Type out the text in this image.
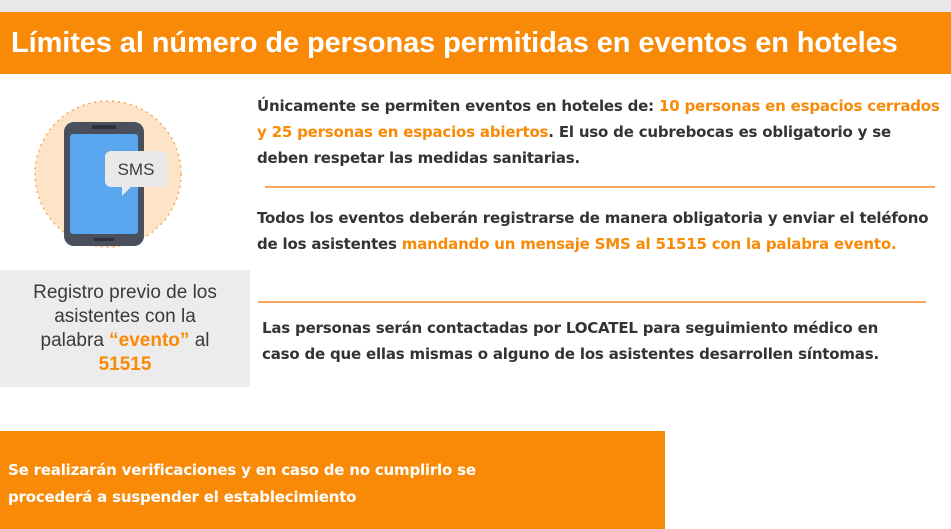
Límites al número de personas permitidas en eventos en hoteles
SMS
Registro previo de los
asistentes con la
palabra “evento” al
51515
Únicamente se permiten eventos en hoteles de: 10 personas en espacios cerrados y 25 personas en espacios abiertos. El uso de cubrebocas es obligatorio y se deben respetar las medidas sanitarias.
Todos los eventos deberán registrarse de manera obligatoria y enviar el teléfono de los asistentes mandando un mensaje SMS al 51515 con la palabra evento.
Las personas serán contactadas por LOCATEL para seguimiento médico en caso de que ellas mismas o alguno de los asistentes desarrollen síntomas.
Se realizarán verificaciones y en caso de no cumplirlo se
procederá a suspender el establecimiento
